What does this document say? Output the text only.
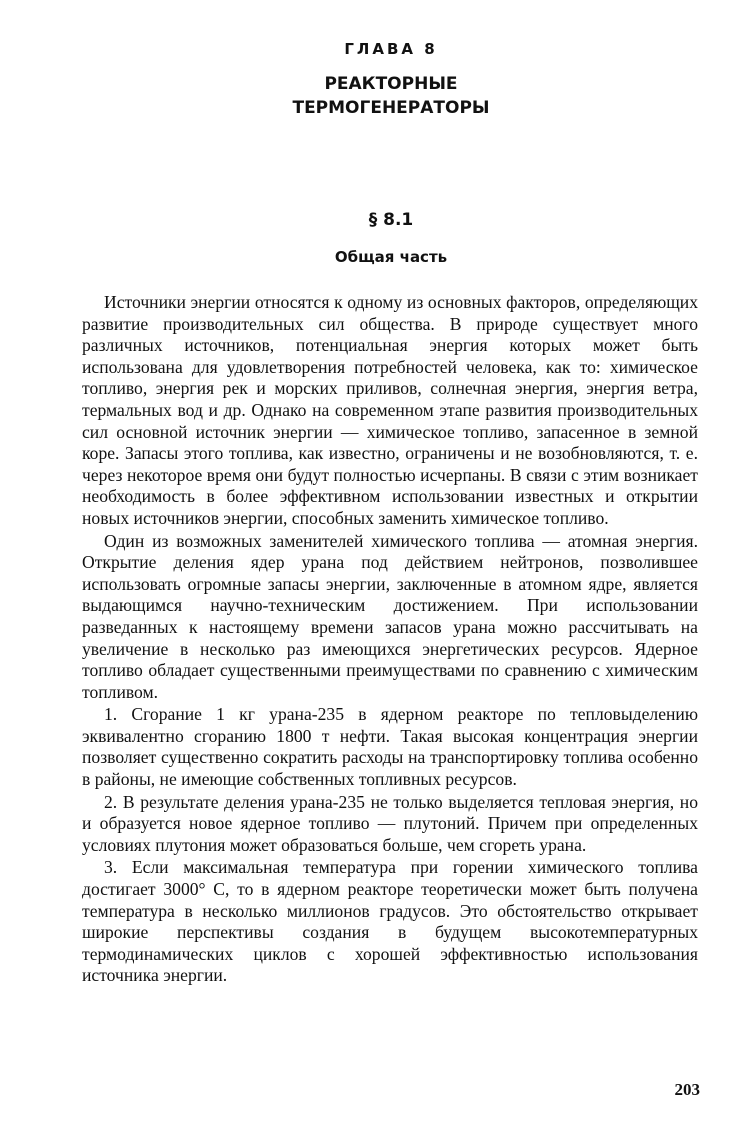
ГЛАВА 8
РЕАКТОРНЫЕ
ТЕРМОГЕНЕРАТОРЫ
§ 8.1
Общая часть

Источники энергии относятся к одному из основных факторов, определяющих развитие производительных сил общества. В природе существует много различных источников, потенциальная энергия которых может быть использована для удовлетворения потребностей человека, как то: химическое топливо, энергия рек и морских приливов, солнечная энергия, энергия ветра, термальных вод и др. Однако на современном этапе развития производительных сил основной источник энергии — химическое топливо, запасенное в земной коре. Запасы этого топлива, как известно, ограничены и не возобновляются, т. е. через некоторое время они будут полностью исчерпаны. В связи с этим возникает необходимость в более эффективном использовании известных и открытии новых источников энергии, способных заменить химическое топливо.

Один из возможных заменителей химического топлива — атомная энергия. Открытие деления ядер урана под действием нейтронов, позволившее использовать огромные запасы энергии, заключенные в атомном ядре, является выдающимся научно-техническим достижением. При использовании разведанных к настоящему времени запасов урана можно рассчитывать на увеличение в несколько раз имеющихся энергетических ресурсов. Ядерное топливо обладает существенными преимуществами по сравнению с химическим топливом.

1. Сгорание 1 кг урана-235 в ядерном реакторе по тепловыделению эквивалентно сгоранию 1800 т нефти. Такая высокая концентрация энергии позволяет существенно сократить расходы на транспортировку топлива особенно в районы, не имеющие собственных топливных ресурсов.

2. В результате деления урана-235 не только выделяется тепловая энергия, но и образуется новое ядерное топливо — плутоний. Причем при определенных условиях плутония может образоваться больше, чем сгореть урана.

3. Если максимальная температура при горении химического топлива достигает 3000° С, то в ядерном реакторе теоретически может быть получена температура в несколько миллионов градусов. Это обстоятельство открывает широкие перспективы создания в будущем высокотемпературных термодинамических циклов с хорошей эффективностью использования источника энергии.

203
